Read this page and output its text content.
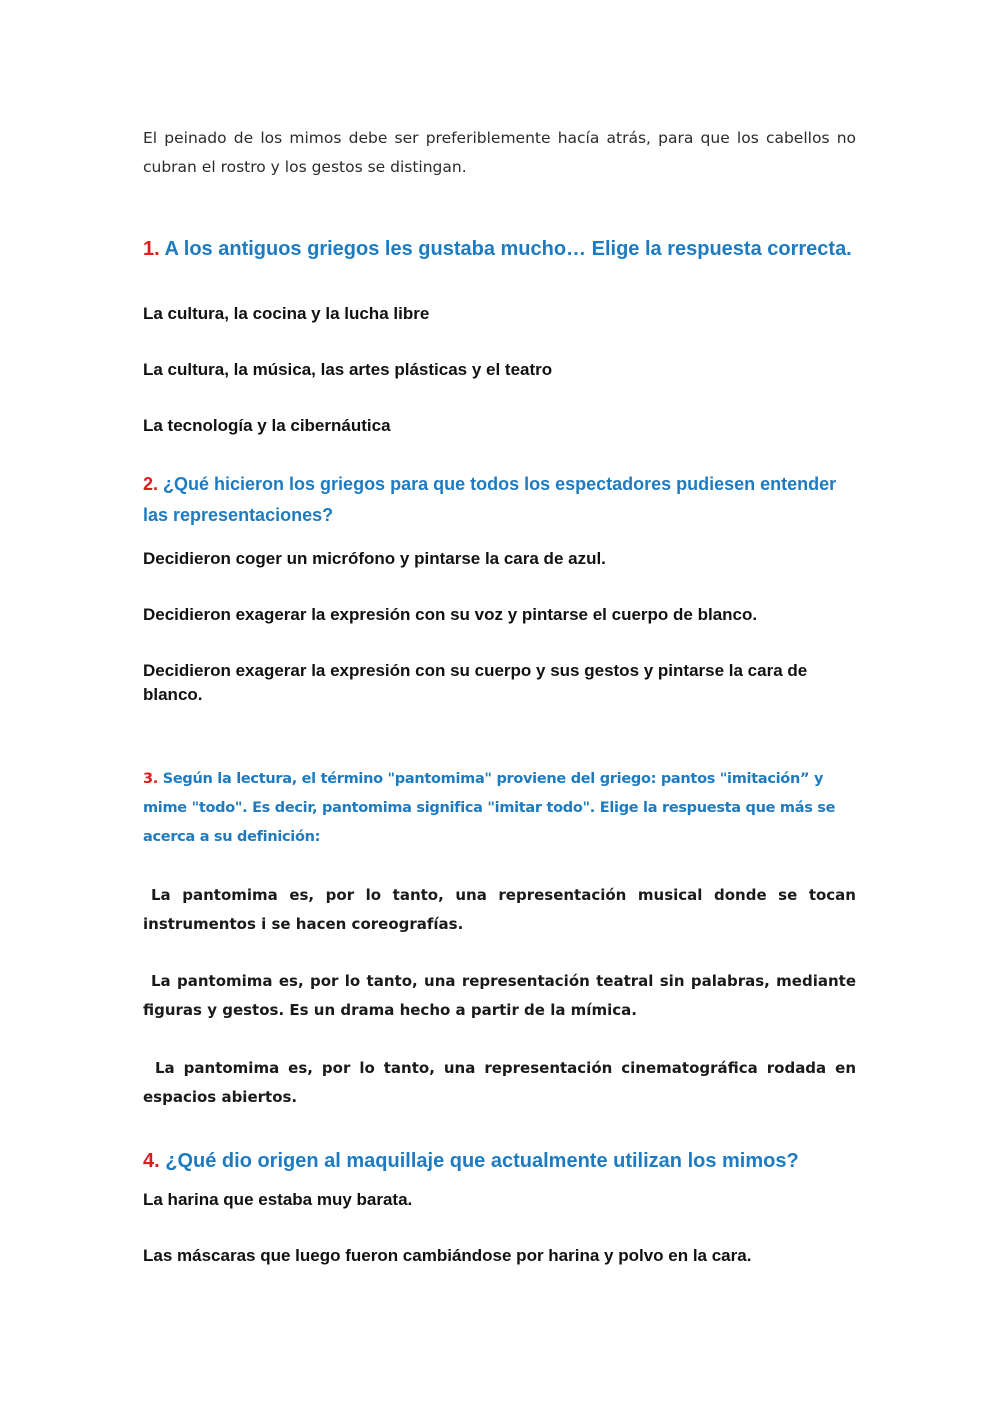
El peinado de los mimos debe ser preferiblemente hacía atrás, para que los cabellos no cubran el rostro y los gestos se distingan.

1. A los antiguos griegos les gustaba mucho… Elige la respuesta correcta.
La cultura, la cocina y la lucha libre
La cultura, la música, las artes plásticas y el teatro
La tecnología y la cibernáutica
2. ¿Qué hicieron los griegos para que todos los espectadores pudiesen entender las representaciones?
Decidieron coger un micrófono y pintarse la cara de azul.
Decidieron exagerar la expresión con su voz y pintarse el cuerpo de blanco.
Decidieron exagerar la expresión con su cuerpo y sus gestos y pintarse la cara de blanco.
3. Según la lectura, el término "pantomima" proviene del griego: pantos "imitación” y mime "todo". Es decir, pantomima significa "imitar todo". Elige la respuesta que más se acerca a su definición:
La pantomima es, por lo tanto, una representación musical donde se tocan instrumentos i se hacen coreografías.
La pantomima es, por lo tanto, una representación teatral sin palabras, mediante figuras y gestos. Es un drama hecho a partir de la mímica.
La pantomima es, por lo tanto, una representación cinematográfica rodada en espacios abiertos.
4. ¿Qué dio origen al maquillaje que actualmente utilizan los mimos?
La harina que estaba muy barata.
Las máscaras que luego fueron cambiándose por harina y polvo en la cara.
